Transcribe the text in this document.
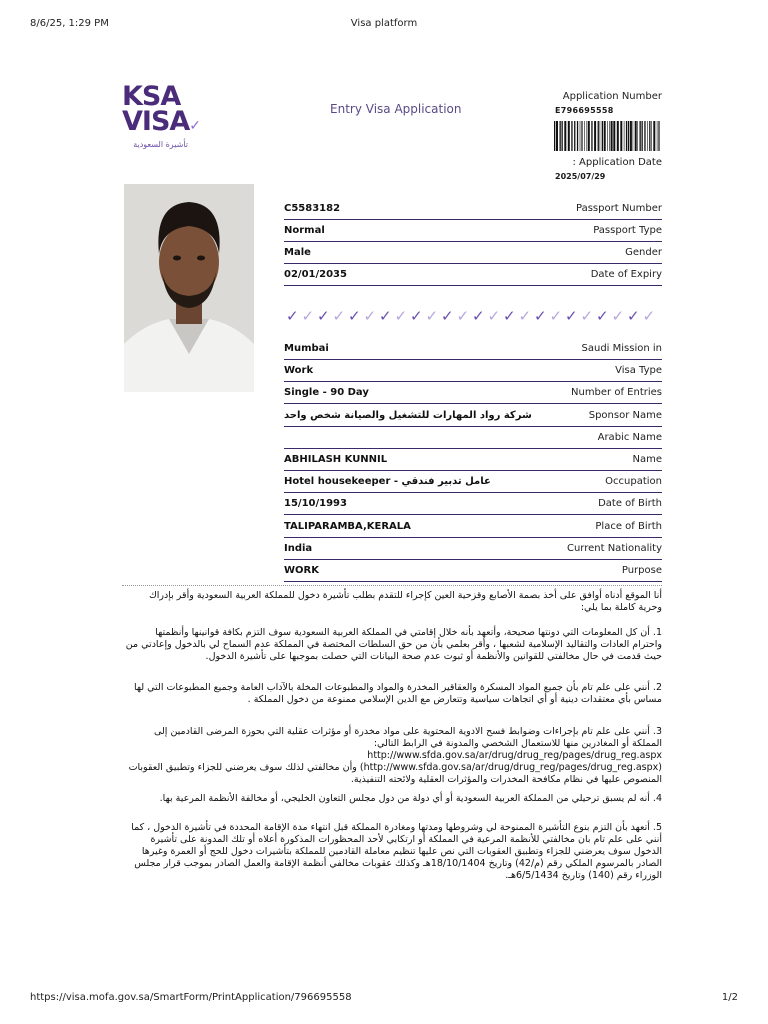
8/6/25, 1:29 PM	Visa platform
KSA
VISA✓
تأشيرة السعودية
Entry Visa Application
Application Number
E796695558
: Application Date
2025/07/29
C5583182	Passport Number
Normal	Passport Type
Male	Gender
02/01/2035	Date of Expiry
✓ ✓ ✓ ✓ ✓ ✓ ✓ ✓ ✓ ✓ ✓ ✓ ✓ ✓ ✓ ✓ ✓ ✓ ✓ ✓ ✓ ✓ ✓ ✓
Mumbai	Saudi Mission in
Work	Visa Type
Single - 90 Day	Number of Entries
شركة رواد المهارات للتشغيل والصيانة شخص واحد	Sponsor Name
Arabic Name
ABHILASH KUNNIL	Name
Hotel housekeeper - عامل تدبير فندقي	Occupation
15/10/1993	Date of Birth
TALIPARAMBA,KERALA	Place of Birth
India	Current Nationality
WORK	Purpose
أنا الموقع أدناه أوافق على أخذ بصمة الأصابع وقزحية العين كإجراء للتقدم بطلب تأشيرة دخول للمملكة العربية السعودية وأقر بإدراك وحرية كاملة بما يلي:
1. أن كل المعلومات التي دونتها صحيحة، وأتعهد بأنه خلال إقامتي في المملكة العربية السعودية سوف التزم بكافة قوانينها وأنظمتها واحترام العادات والتقاليد الإسلامية لشعبها ، وأقر بعلمي بأن من حق السلطات المختصة في المملكة عدم السماح لي بالدخول وإعادتي من حيث قدمت في حال مخالفتي للقوانين والأنظمة أو ثبوت عدم صحة البيانات التي حصلت بموجبها على تأشيرة الدخول.
2. أنني على علم تام بأن جميع المواد المسكرة والعقاقير المخدرة والمواد والمطبوعات المخلة بالآداب العامة وجميع المطبوعات التي لها مساس بأي معتقدات دينية أو أي اتجاهات سياسية وتتعارض مع الدين الإسلامي ممنوعة من دخول المملكة .
3. أنني على علم تام بإجراءات وضوابط فسح الادوية المحتوية على مواد مخدرة أو مؤثرات عقلية التي بحوزة المرضى القادمين إلى المملكة أو المغادرين منها للاستعمال الشخصي والمدونة في الرابط التالي: http://www.sfda.gov.sa/ar/drug/drug_reg/pages/drug_reg.aspx (http://www.sfda.gov.sa/ar/drug/drug_reg/pages/drug_reg.aspx) وأن مخالفتي لذلك سوف يعرضني للجزاء وتطبيق العقوبات المنصوص عليها في نظام مكافحة المخدرات والمؤثرات العقلية ولائحته التنفيذية.
4. أنه لم يسبق ترحيلي من المملكة العربية السعودية أو أي دولة من دول مجلس التعاون الخليجي، أو مخالفة الأنظمة المرعية بها.
5. أتعهد بأن التزم بنوع التأشيرة الممنوحة لي وشروطها ومدتها ومغادرة المملكة قبل انتهاء مدة الإقامة المحددة في تأشيرة الدخول ، كما أنني على علم تام بان مخالفتي للأنظمة المرعية في المملكة أو ارتكابي لأحد المحظورات المذكورة أعلاه أو تلك المدونة على تأشيرة الدخول سوف يعرضني للجزاء وتطبيق العقوبات التي نص عليها تنظيم معاملة القادمين للمملكة بتأشيرات دخول للحج أو العمرة وغيرها الصادر بالمرسوم الملكي رقم (م/42) وتاريخ 18/10/1404هـ وكذلك عقوبات مخالفي أنظمة الإقامة والعمل الصادر بموجب قرار مجلس الوزراء رقم (140) وتاريخ 6/5/1434هـ.
https://visa.mofa.gov.sa/SmartForm/PrintApplication/796695558	1/2
